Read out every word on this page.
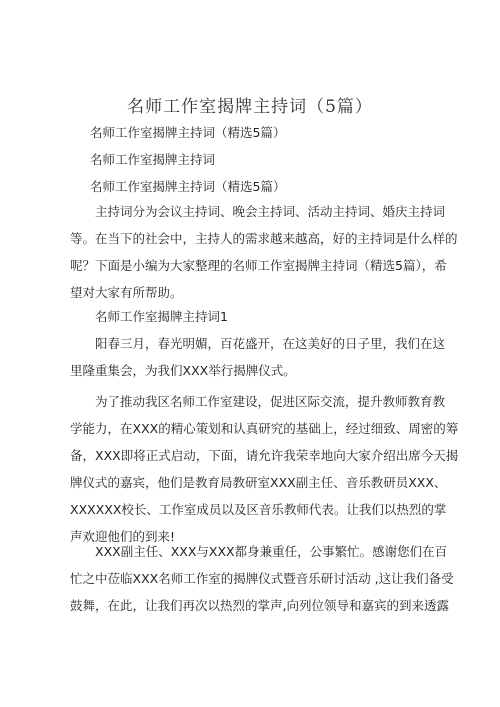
名师工作室揭牌主持词（5篇）
名师工作室揭牌主持词（精选5篇）
名师工作室揭牌主持词
名师工作室揭牌主持词（精选5篇）
　　主持词分为会议主持词、晚会主持词、活动主持词、婚庆主持词
等。在当下的社会中，主持人的需求越来越高，好的主持词是什么样的
呢？下面是小编为大家整理的名师工作室揭牌主持词（精选5篇），希
望对大家有所帮助。
　　名师工作室揭牌主持词1
　　阳春三月，春光明媚，百花盛开，在这美好的日子里，我们在这
里隆重集会，为我们XXX举行揭牌仪式。
　　为了推动我区名师工作室建设，促进区际交流，提升教师教育教
学能力，在XXX的精心策划和认真研究的基础上，经过细致、周密的筹
备，XXX即将正式启动，下面，请允许我荣幸地向大家介绍出席今天揭
牌仪式的嘉宾，他们是教育局教研室XXX副主任、音乐教研员XXX、
XXXXXX校长、工作室成员以及区音乐教师代表。让我们以热烈的掌
声欢迎他们的到来!
　　XXX副主任、XXX与XXX都身兼重任，公事繁忙。感谢您们在百
忙之中莅临XXX名师工作室的揭牌仪式暨音乐研讨活动 ,这让我们备受
鼓舞，在此，让我们再次以热烈的掌声,向列位领导和嘉宾的到来透露
